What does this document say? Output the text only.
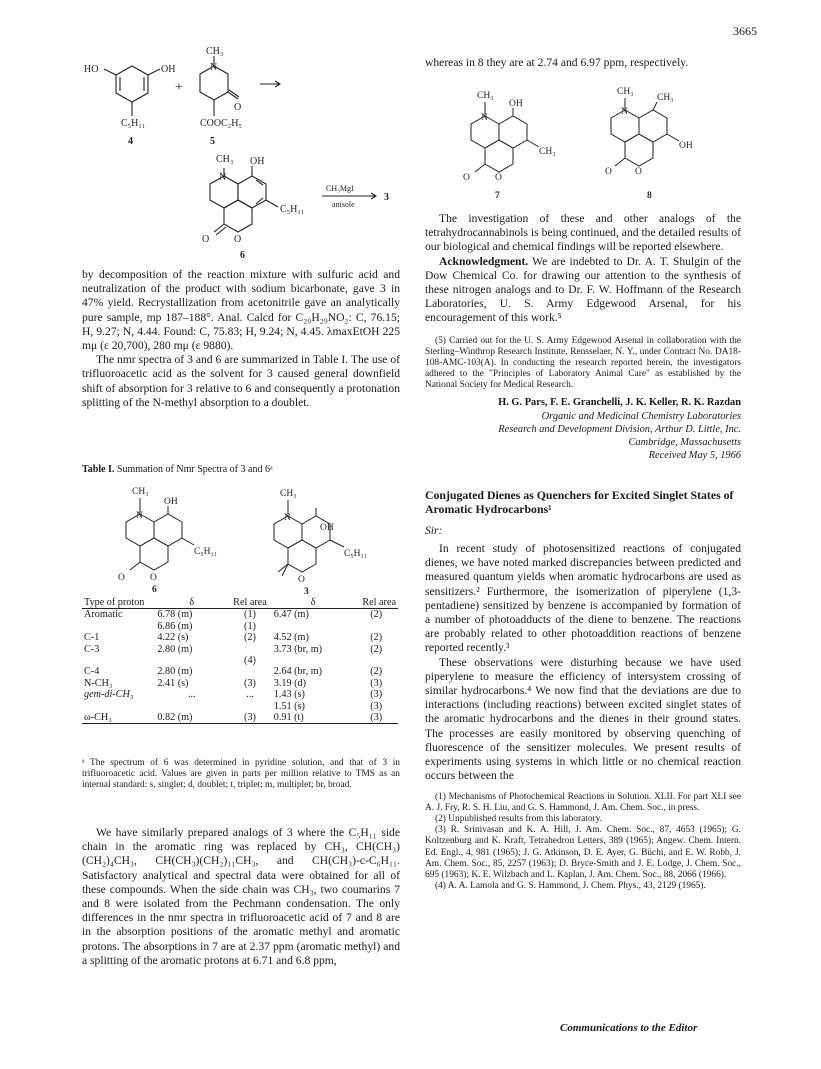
3665
HO	OH
C₅H₁₁
4
+
CH₃
N
O
COOC₂H₅
5
CH₃
N
OH
O O
C₅H₁₁
6
CH₃MgI
anisole
3

by decomposition of the reaction mixture with sulfuric acid and neutralization of the product with sodium bicarbonate, gave 3 in 47% yield. Recrystallization from acetonitrile gave an analytically pure sample, mp 187–188°. Anal. Calcd for C₂₀H₂₉NO₂: C, 76.15; H, 9.27; N, 4.44. Found: C, 75.83; H, 9.24; N, 4.45. λmaxEtOH 225 mμ (ε 20,700), 280 mμ (ε 9880).

The nmr spectra of 3 and 6 are summarized in Table I. The use of trifluoroacetic acid as the solvent for 3 caused general downfield shift of absorption for 3 relative to 6 and consequently a protonation splitting of the N-methyl absorption to a doublet.

Table I. Summation of Nmr Spectra of 3 and 6ᵃ
CH₃
N
OH
C₅H₁₁
O	O
6
CH₃
N
OH
C₅H₁₁
O
3
Type of proton	δ	Rel area	δ	Rel area
Aromatic	6.78 (m)	(1)	6.47 (m)	(2)
	6.86 (m)	(1)		
C-1	4.22 (s)	(2)	4.52 (m)	(2)
C-3	2.80 (m)		3.73 (br, m)	(2)
		(4)		
C-4	2.80 (m)		2.64 (br, m)	(2)
N-CH₃	2.41 (s)	(3)	3.19 (d)	(3)
gem-di-CH₃	...	...	1.43 (s)	(3)
			1.51 (s)	(3)
ω-CH₃	0.82 (m)	(3)	0.91 (t)	(3)
ᵃ The spectrum of 6 was determined in pyridine solution, and that of 3 in trifluoroacetic acid. Values are given in parts per million relative to TMS as an internal standard: s, singlet; d, doublet; t, triplet; m, multiplet; br, broad.

We have similarly prepared analogs of 3 where the C₅H₁₁ side chain in the aromatic ring was replaced by CH₃, CH(CH₃)(CH₂)₄CH₃, CH(CH₃)(CH₂)₁₁CH₃, and CH(CH₃)-c-C₆H₁₁. Satisfactory analytical and spectral data were obtained for all of these compounds. When the side chain was CH₃, two coumarins 7 and 8 were isolated from the Pechmann condensation. The only differences in the nmr spectra in trifluoroacetic acid of 7 and 8 are in the absorption positions of the aromatic methyl and aromatic protons. The absorptions in 7 are at 2.37 ppm (aromatic methyl) and a splitting of the aromatic protons at 6.71 and 6.8 ppm,

whereas in 8 they are at 2.74 and 6.97 ppm, respectively.

CH₃
N
OH
CH₃
O	O
7
CH₃
N
CH₃
OH
O O
8

The investigation of these and other analogs of the tetrahydrocannabinols is being continued, and the detailed results of our biological and chemical findings will be reported elsewhere.

Acknowledgment. We are indebted to Dr. A. T. Shulgin of the Dow Chemical Co. for drawing our attention to the synthesis of these nitrogen analogs and to Dr. F. W. Hoffmann of the Research Laboratories, U. S. Army Edgewood Arsenal, for his encouragement of this work.⁵

(5) Carried out for the U. S. Army Edgewood Arsenal in collaboration with the Sterling–Winthrop Research Institute, Rensselaer, N. Y., under Contract No. DA18-108-AMC-103(A). In conducting the research reported herein, the investigators adhered to the "Principles of Laboratory Animal Care" as established by the National Society for Medical Research.

H. G. Pars, F. E. Granchelli, J. K. Keller, R. K. Razdan
Organic and Medicinal Chemistry Laboratories
Research and Development Division, Arthur D. Little, Inc.
Cambridge, Massachusetts
Received May 5, 1966
Conjugated Dienes as Quenchers for Excited Singlet States of Aromatic Hydrocarbons¹

Sir:

In recent study of photosensitized reactions of conjugated dienes, we have noted marked discrepancies between predicted and measured quantum yields when aromatic hydrocarbons are used as sensitizers.² Furthermore, the isomerization of piperylene (1,3-pentadiene) sensitized by benzene is accompanied by formation of a number of photoadducts of the diene to benzene. The reactions are probably related to other photoaddition reactions of benzene reported recently.³

These observations were disturbing because we have used piperylene to measure the efficiency of intersystem crossing of similar hydrocarbons.⁴ We now find that the deviations are due to interactions (including reactions) between excited singlet states of the aromatic hydrocarbons and the dienes in their ground states. The processes are easily monitored by observing quenching of fluorescence of the sensitizer molecules. We present results of experiments using systems in which little or no chemical reaction occurs between the

(1) Mechanisms of Photochemical Reactions in Solution. XLII. For part XLI see A. J. Fry, R. S. H. Liu, and G. S. Hammond, J. Am. Chem. Soc., in press.

(2) Unpublished results from this laboratory.

(3) R. Srinivasan and K. A. Hill, J. Am. Chem. Soc., 87, 4653 (1965); G. Koltzenburg and K. Kraft, Tetrahedron Letters, 389 (1965); Angew. Chem. Intern. Ed. Engl., 4, 981 (1965); J. G. Atkinson, D. E. Ayer, G. Büchi, and E. W. Robb, J. Am. Chem. Soc., 85, 2257 (1963); D. Bryce-Smith and J. E. Lodge, J. Chem. Soc., 695 (1963); K. E. Wilzbach and L. Kaplan, J. Am. Chem. Soc., 88, 2066 (1966).

(4) A. A. Lamola and G. S. Hammond, J. Chem. Phys., 43, 2129 (1965).

Communications to the Editor
